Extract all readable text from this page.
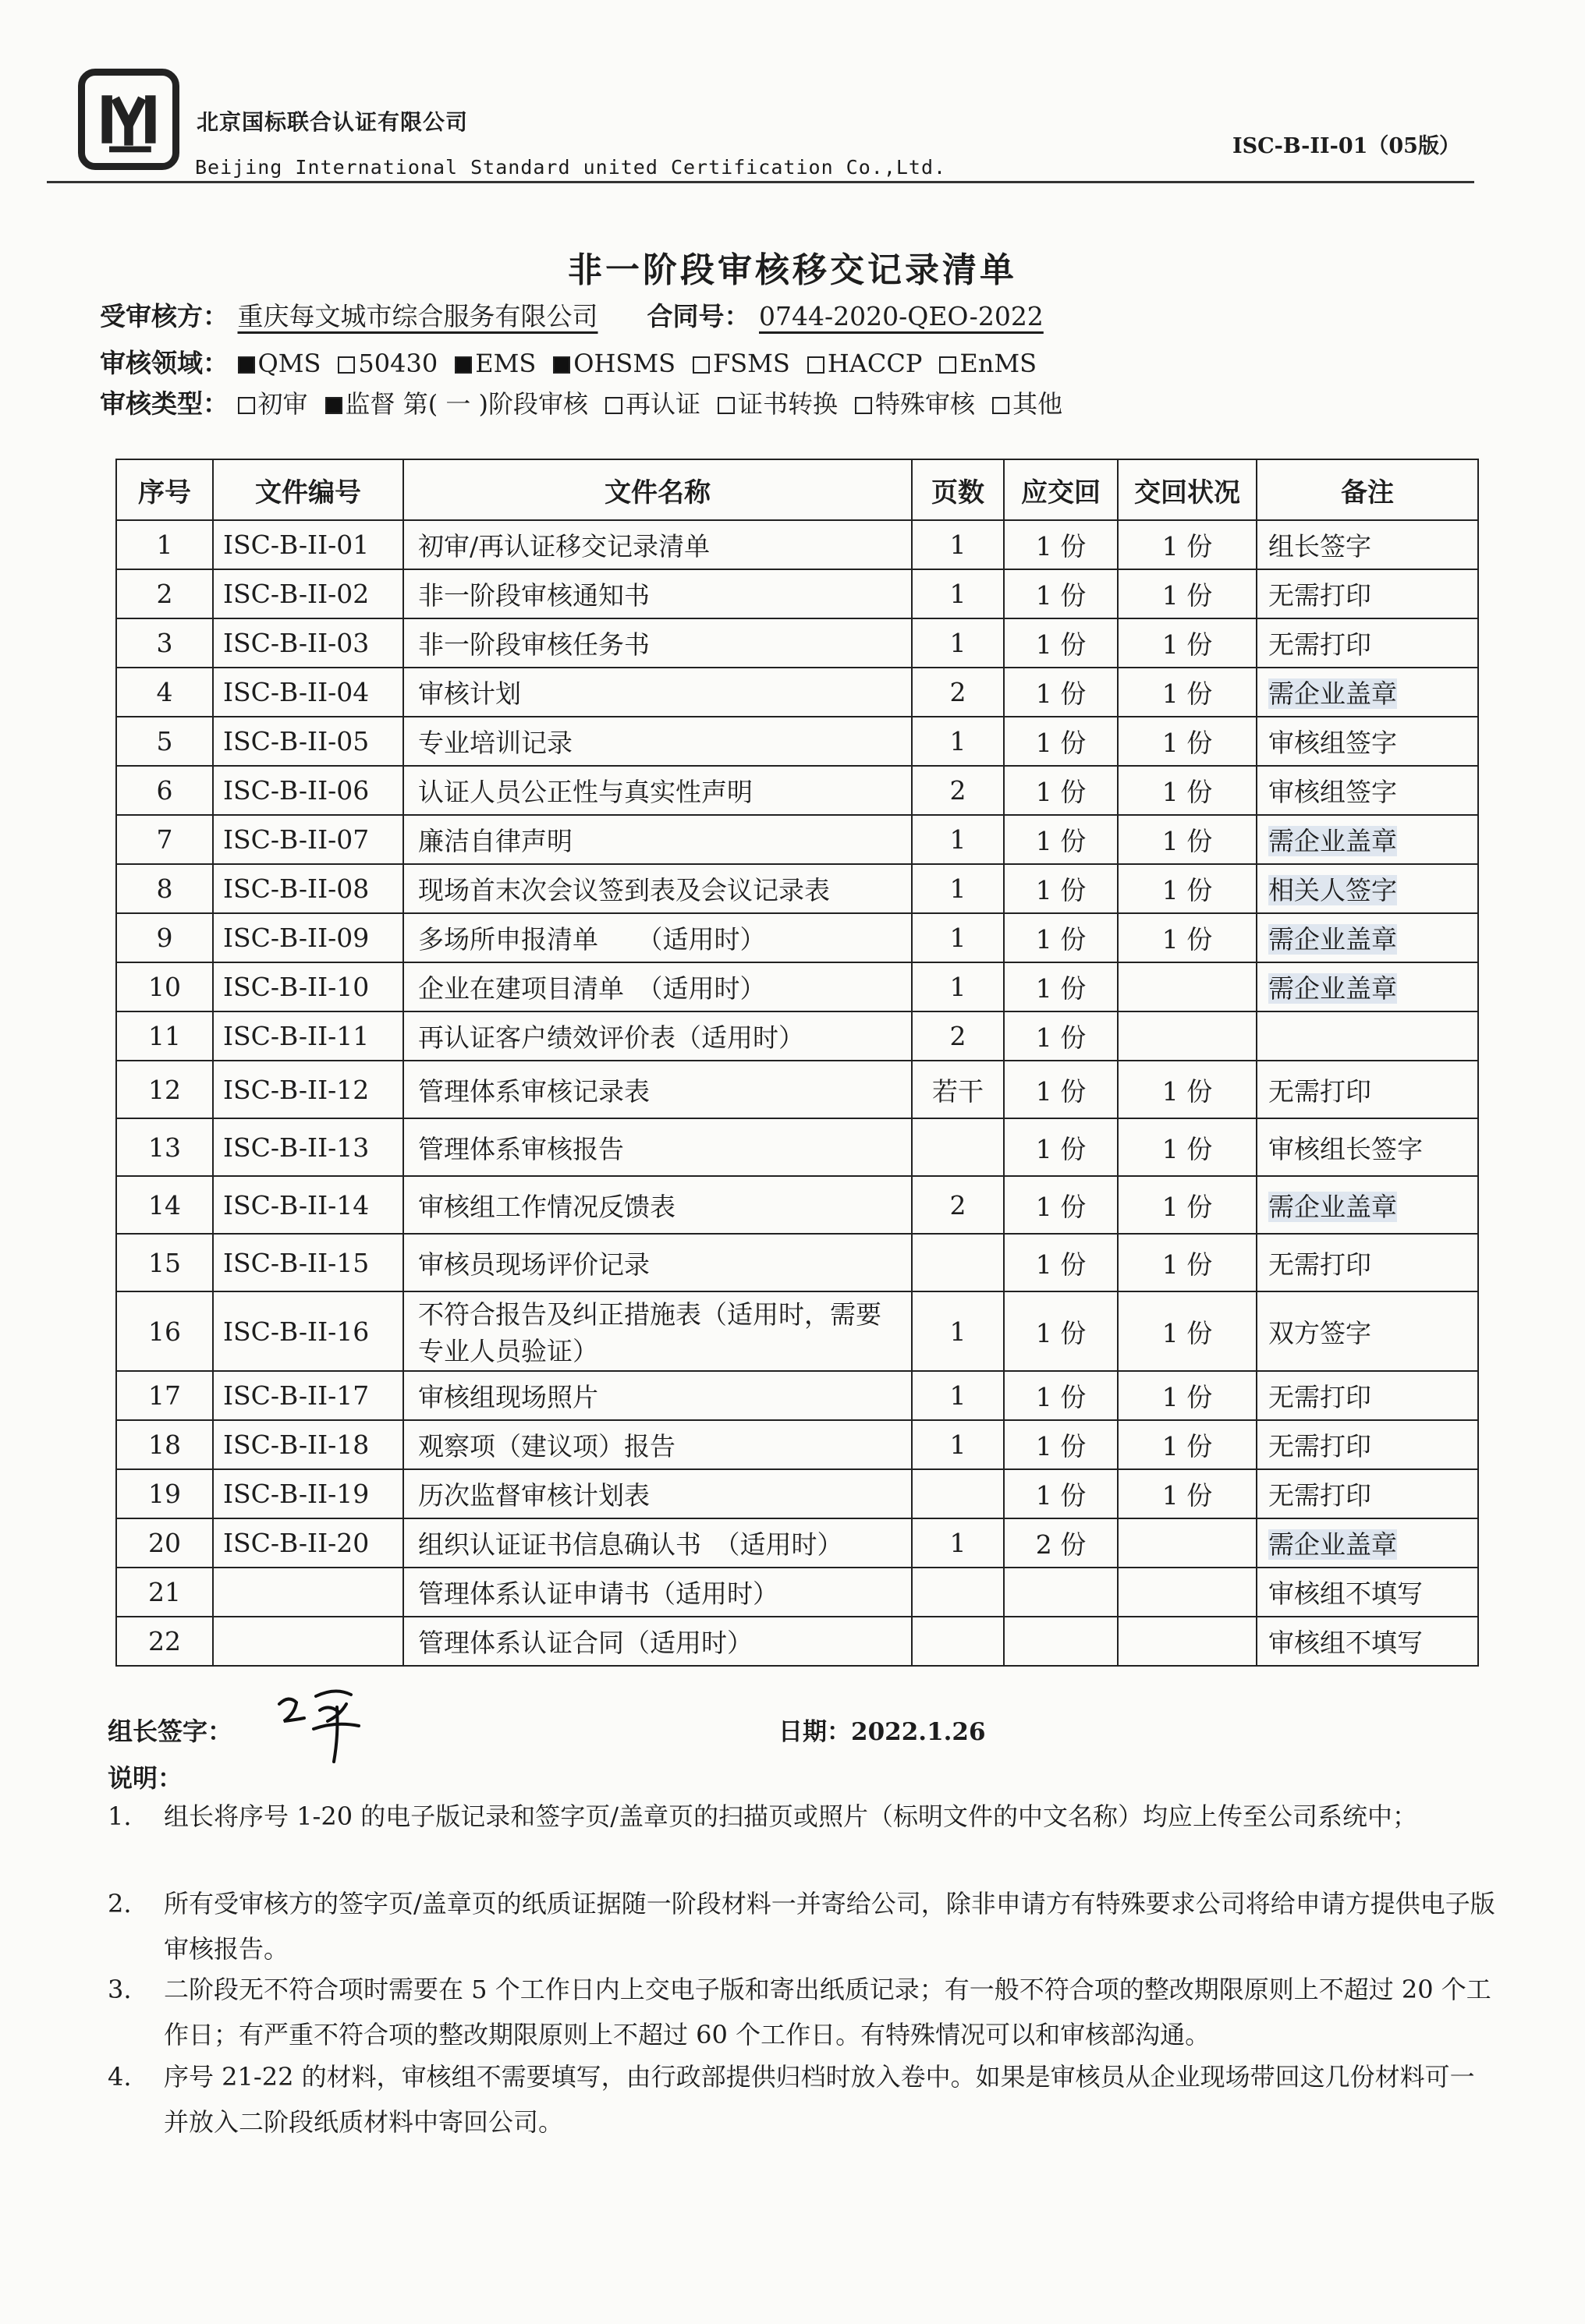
北京国标联合认证有限公司
Beijing International Standard united Certification Co.,Ltd.
ISC-B-II-01（05版）
非一阶段审核移交记录清单
受审核方： 重庆每文城市综合服务有限公司 合同号： 0744-2020-QEO-2022
审核领域： QMS 50430 EMS OHSMS FSMS HACCP EnMS
审核类型： 初审 监督 第( 一 )阶段审核 再认证 证书转换 特殊审核 其他
序号	文件编号	文件名称	页数	应交回	交回状况	备注
1	ISC-B-II-01	初审/再认证移交记录清单	1	1 份	1 份	组长签字
2	ISC-B-II-02	非一阶段审核通知书	1	1 份	1 份	无需打印
3	ISC-B-II-03	非一阶段审核任务书	1	1 份	1 份	无需打印
4	ISC-B-II-04	审核计划	2	1 份	1 份	需企业盖章
5	ISC-B-II-05	专业培训记录	1	1 份	1 份	审核组签字
6	ISC-B-II-06	认证人员公正性与真实性声明	2	1 份	1 份	审核组签字
7	ISC-B-II-07	廉洁自律声明	1	1 份	1 份	需企业盖章
8	ISC-B-II-08	现场首末次会议签到表及会议记录表	1	1 份	1 份	相关人签字
9	ISC-B-II-09	多场所申报清单　　（适用时）	1	1 份	1 份	需企业盖章
10	ISC-B-II-10	企业在建项目清单　（适用时）	1	1 份		需企业盖章
11	ISC-B-II-11	再认证客户绩效评价表（适用时）	2	1 份		
12	ISC-B-II-12	管理体系审核记录表	若干	1 份	1 份	无需打印
13	ISC-B-II-13	管理体系审核报告		1 份	1 份	审核组长签字
14	ISC-B-II-14	审核组工作情况反馈表	2	1 份	1 份	需企业盖章
15	ISC-B-II-15	审核员现场评价记录		1 份	1 份	无需打印
16	ISC-B-II-16	不符合报告及纠正措施表（适用时，需要专业人员验证）	1	1 份	1 份	双方签字
17	ISC-B-II-17	审核组现场照片	1	1 份	1 份	无需打印
18	ISC-B-II-18	观察项（建议项）报告	1	1 份	1 份	无需打印
19	ISC-B-II-19	历次监督审核计划表		1 份	1 份	无需打印
20	ISC-B-II-20	组织认证证书信息确认书　（适用时）	1	2 份		需企业盖章
21		管理体系认证申请书（适用时）				审核组不填写
22		管理体系认证合同（适用时）				审核组不填写
组长签字：	日期：2022.1.26
说明：
1. 组长将序号 1-20 的电子版记录和签字页/盖章页的扫描页或照片（标明文件的中文名称）均应上传至公司系统中；
2. 所有受审核方的签字页/盖章页的纸质证据随一阶段材料一并寄给公司，除非申请方有特殊要求公司将给申请方提供电子版审核报告。
3. 二阶段无不符合项时需要在 5 个工作日内上交电子版和寄出纸质记录；有一般不符合项的整改期限原则上不超过 20 个工作日；有严重不符合项的整改期限原则上不超过 60 个工作日。有特殊情况可以和审核部沟通。
4. 序号 21-22 的材料，审核组不需要填写，由行政部提供归档时放入卷中。如果是审核员从企业现场带回这几份材料可一并放入二阶段纸质材料中寄回公司。
